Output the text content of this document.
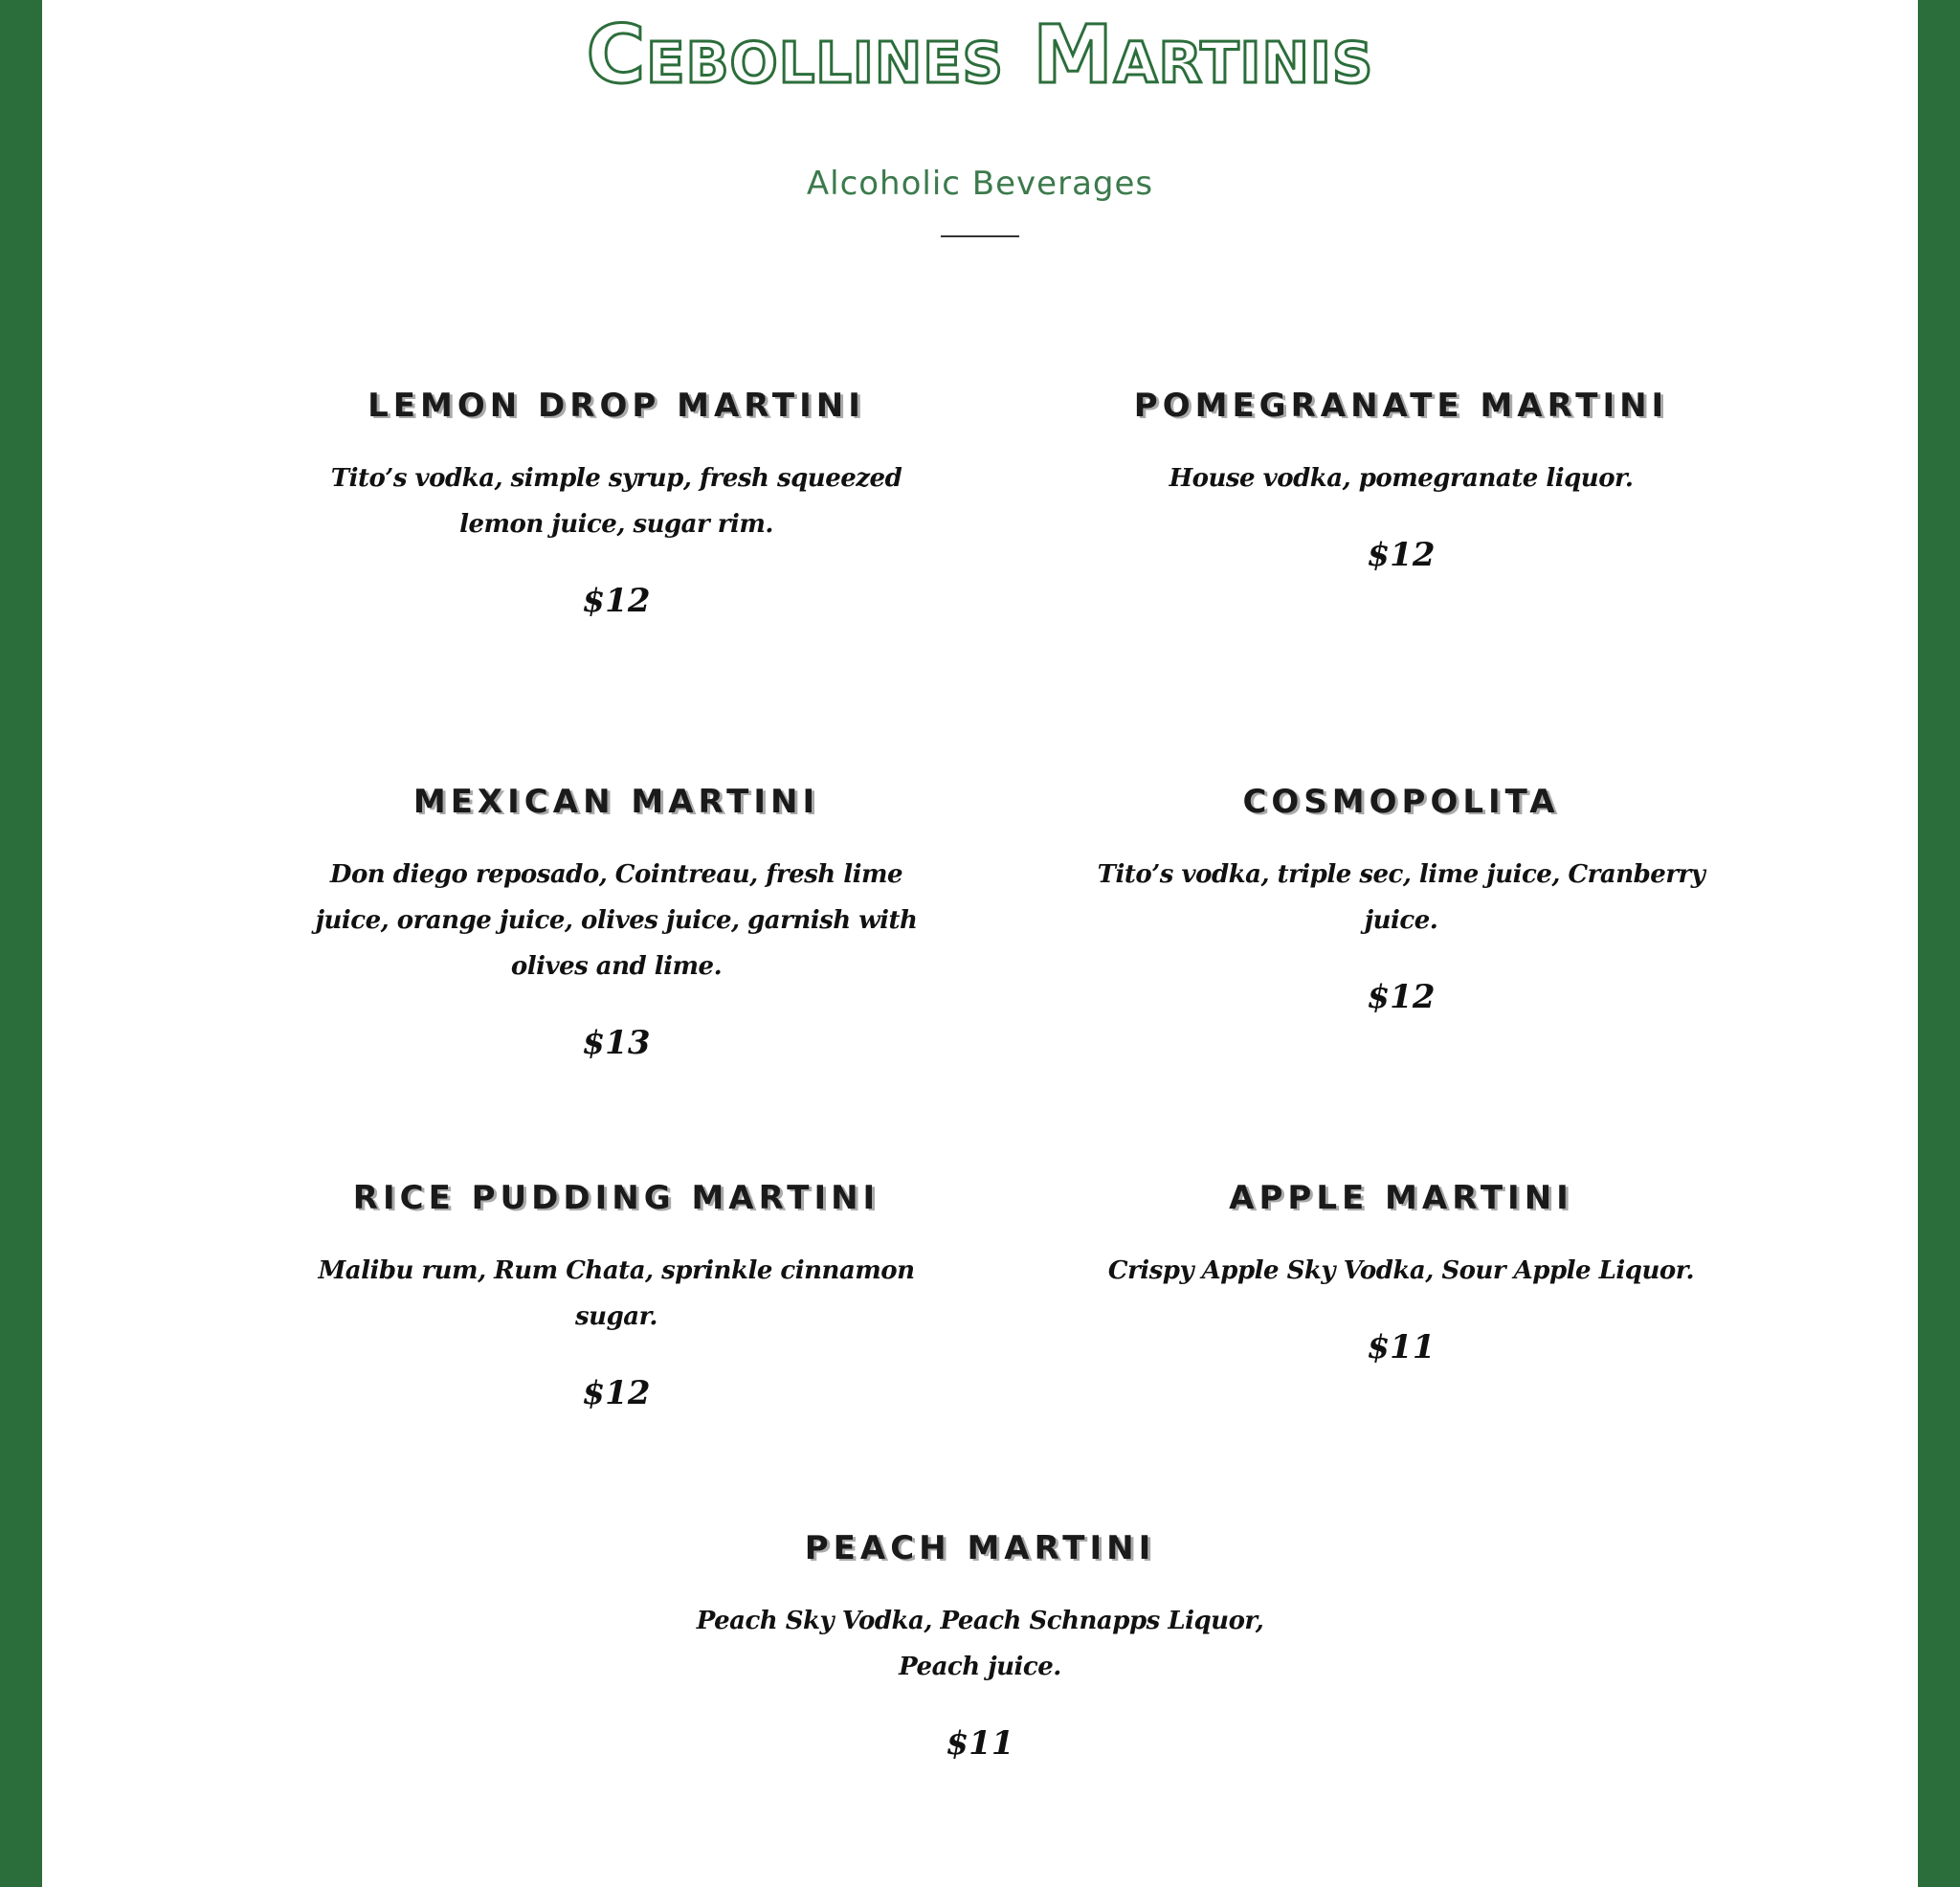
Cebollines Martinis
Alcoholic Beverages
LEMON DROP MARTINI
Tito’s vodka, simple syrup, fresh squeezed lemon juice, sugar rim.
$12
POMEGRANATE MARTINI
House vodka, pomegranate liquor.
$12
MEXICAN MARTINI
Don diego reposado, Cointreau, fresh lime juice, orange juice, olives juice, garnish with olives and lime.
$13
COSMOPOLITA
Tito’s vodka, triple sec, lime juice, Cranberry juice.
$12
RICE PUDDING MARTINI
Malibu rum, Rum Chata, sprinkle cinnamon sugar.
$12
APPLE MARTINI
Crispy Apple Sky Vodka, Sour Apple Liquor.
$11
PEACH MARTINI
Peach Sky Vodka, Peach Schnapps Liquor, Peach juice.
$11
